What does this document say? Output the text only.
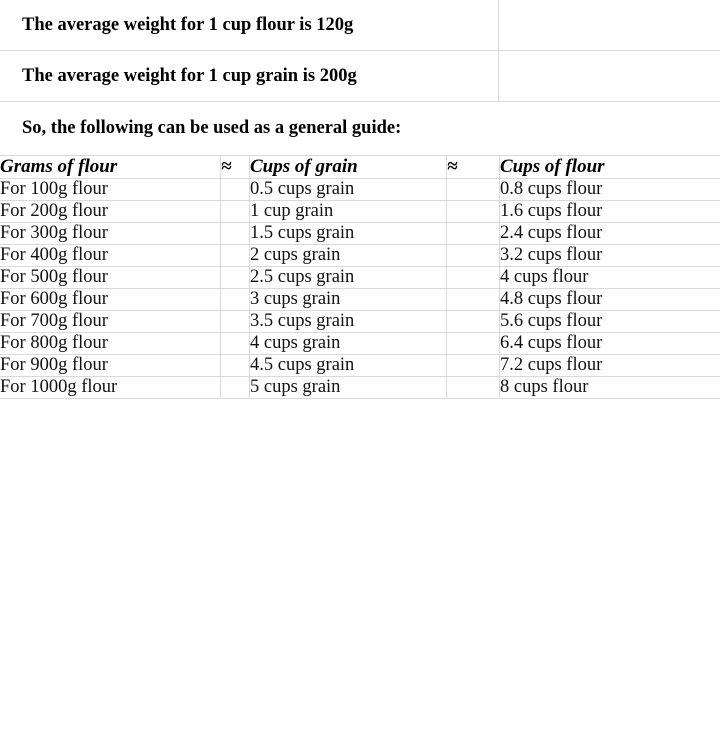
The average weight for 1 cup flour is 120g	

The average weight for 1 cup grain is 200g	

So, the following can be used as a general guide:	
Grams of flour	≈	Cups of grain	≈	Cups of flour
For 100g flour		0.5 cups grain		0.8 cups flour
For 200g flour		1 cup grain		1.6 cups flour
For 300g flour		1.5 cups grain		2.4 cups flour
For 400g flour		2 cups grain		3.2 cups flour
For 500g flour		2.5 cups grain		4 cups flour
For 600g flour		3 cups grain		4.8 cups flour
For 700g flour		3.5 cups grain		5.6 cups flour
For 800g flour		4 cups grain		6.4 cups flour
For 900g flour		4.5 cups grain		7.2 cups flour
For 1000g flour		5 cups grain		8 cups flour
